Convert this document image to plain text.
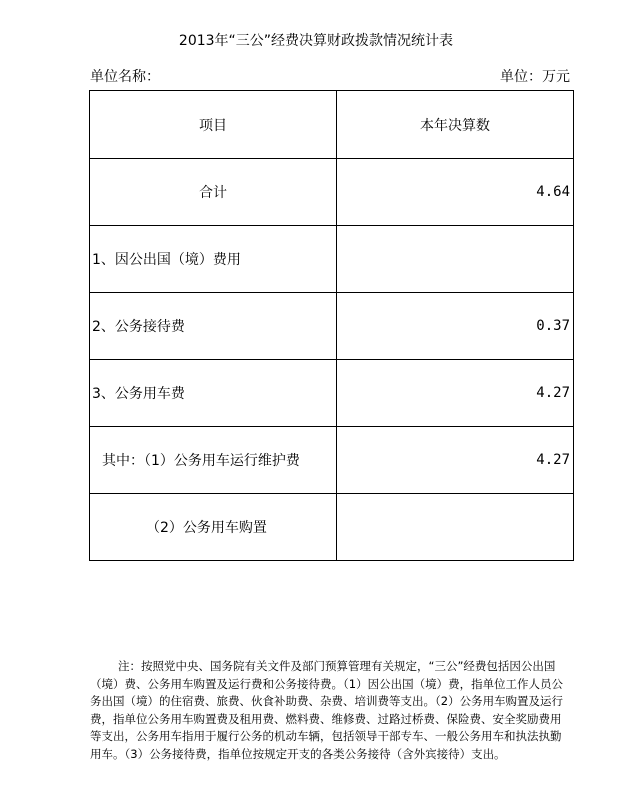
2013年“三公”经费决算财政拨款情况统计表
单位名称：	单位：万元
项目	本年决算数
合计	4.64
1、因公出国（境）费用	
2、公务接待费	0.37
3、公务用车费	4.27
其中：（1）公务用车运行维护费	4.27
（2）公务用车购置	
注：按照党中央、国务院有关文件及部门预算管理有关规定，“三公”经费包括因公出国（境）费、公务用车购置及运行费和公务接待费。（1）因公出国（境）费，指单位工作人员公务出国（境）的住宿费、旅费、伙食补助费、杂费、培训费等支出。（2）公务用车购置及运行费，指单位公务用车购置费及租用费、燃料费、维修费、过路过桥费、保险费、安全奖励费用等支出，公务用车指用于履行公务的机动车辆，包括领导干部专车、一般公务用车和执法执勤用车。（3）公务接待费，指单位按规定开支的各类公务接待（含外宾接待）支出。
